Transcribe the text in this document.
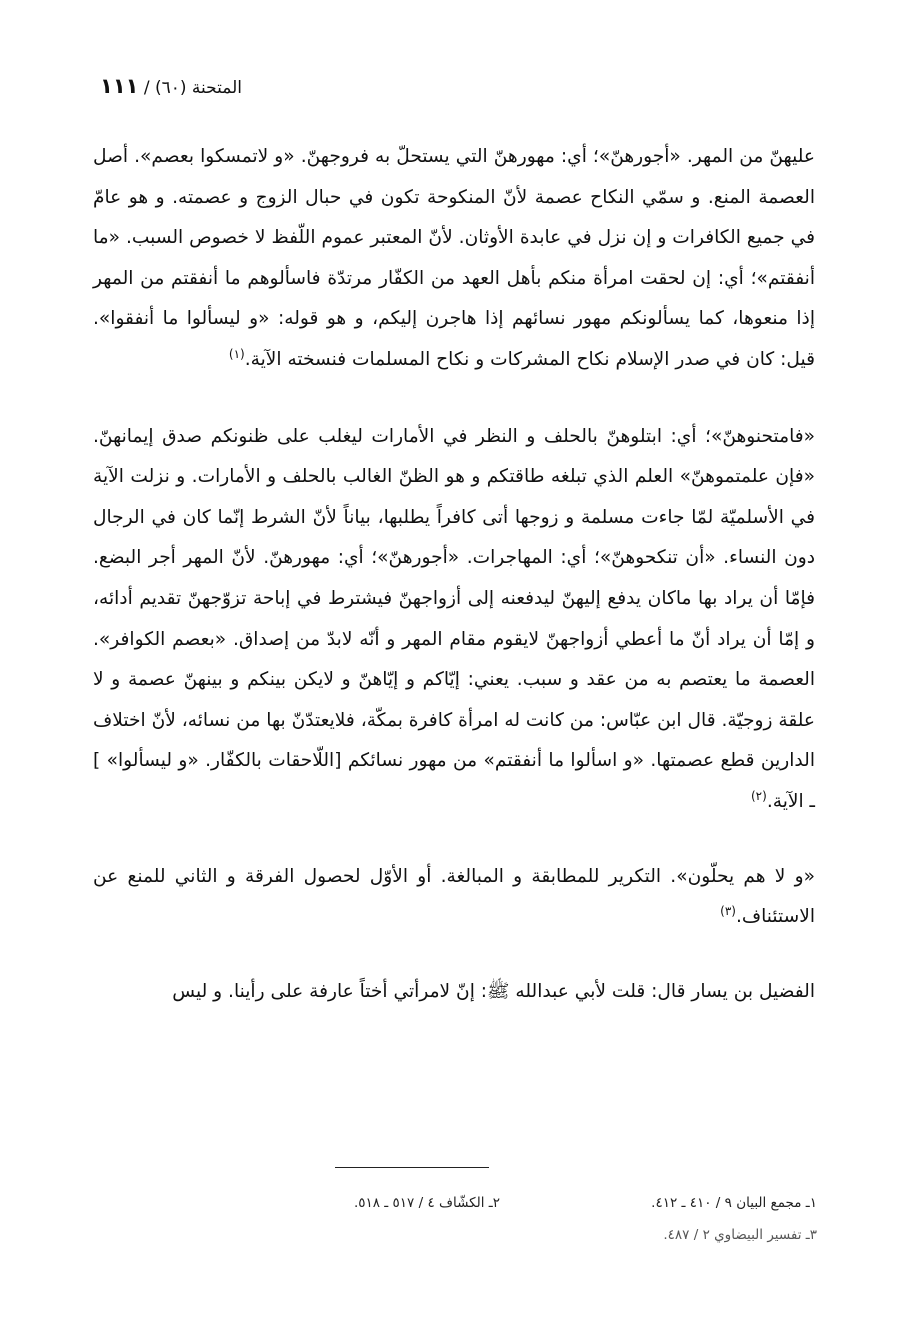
المتحنة (٦٠) / ١١١

عليهنّ من المهر. «أجورهنّ»؛ أي: مهورهنّ التي يستحلّ به فروجهنّ. «و لاتمسكوا بعصم». أصل العصمة المنع. و سمّي النكاح عصمة لأنّ المنكوحة تكون في حبال الزوج و عصمته. و هو عامّ في جميع الكافرات و إن نزل في عابدة الأوثان. لأنّ المعتبر عموم اللّفظ لا خصوص السبب. «ما أنفقتم»؛ أي: إن لحقت امرأة منكم بأهل العهد من الكفّار مرتدّة فاسألوهم ما أنفقتم من المهر إذا منعوها، كما يسألونكم مهور نسائهم إذا هاجرن إليكم، و هو قوله: «و ليسألوا ما أنفقوا». قيل: كان في صدر الإسلام نكاح المشركات و نكاح المسلمات فنسخته الآية.$^{(١)}$

«فامتحنوهنّ»؛ أي: ابتلوهنّ بالحلف و النظر في الأمارات ليغلب على ظنونكم صدق إيمانهنّ. «فإن علمتموهنّ» العلم الذي تبلغه طاقتكم و هو الظنّ الغالب بالحلف و الأمارات. و نزلت الآية في الأسلميّة لمّا جاءت مسلمة و زوجها أتى كافراً يطلبها، بياناً لأنّ الشرط إنّما كان في الرجال دون النساء. «أن تنكحوهنّ»؛ أي: المهاجرات. «أجورهنّ»؛ أي: مهورهنّ. لأنّ المهر أجر البضع. فإمّا أن يراد بها ماكان يدفع إليهنّ ليدفعنه إلى أزواجهنّ فيشترط في إباحة تزوّجهنّ تقديم أدائه، و إمّا أن يراد أنّ ما أعطي أزواجهنّ لايقوم مقام المهر و أنّه لابدّ من إصداق. «بعصم الكوافر». العصمة ما يعتصم به من عقد و سبب. يعني: إيّاكم و إيّاهنّ و لايكن بينكم و بينهنّ عصمة و لا علقة زوجيّة. قال ابن عبّاس: من كانت له امرأة كافرة بمكّة، فلايعتدّنّ بها من نسائه، لأنّ اختلاف الدارين قطع عصمتها. «و اسألوا ما أنفقتم» من مهور نسائكم [اللّاحقات بالكفّار. «و ليسألوا» ] ـ الآية.$^{(٢)}$

«و لا هم يحلّون». التكرير للمطابقة و المبالغة. أو الأوّل لحصول الفرقة و الثاني للمنع عن الاستئناف.$^{(٣)}$

الفضيل بن يسار قال: قلت لأبي عبدالله ﷺ: إنّ لامرأتي أختاً عارفة على رأينا. و ليس

١ـ مجمع البيان ٩ / ٤١٠ ـ ٤١٢.
٢ـ الكشّاف ٤ / ٥١٧ ـ ٥١٨.
٣ـ تفسير البيضاوي ٢ / ٤٨٧.
